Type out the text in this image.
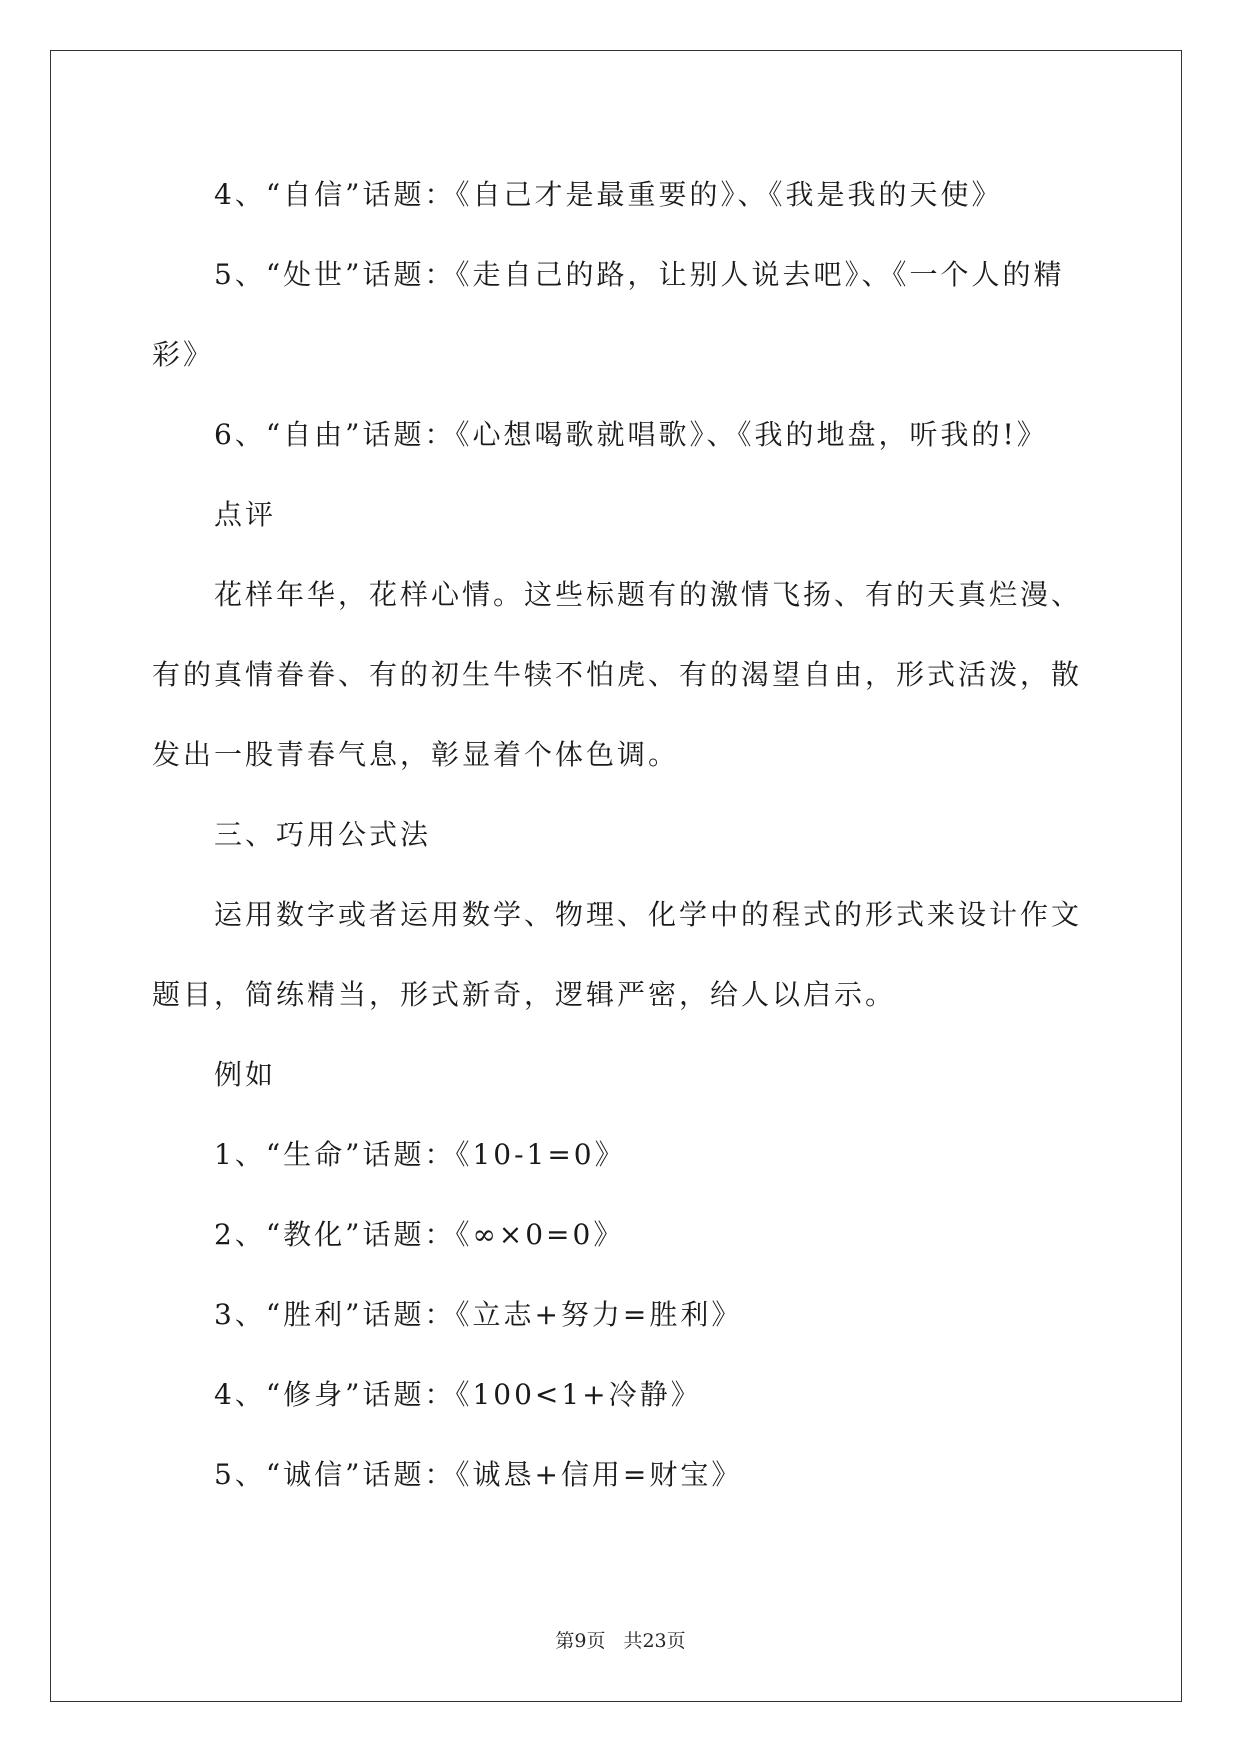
4、“自信”话题：《自己才是最重要的》、《我是我的天使》

5、“处世”话题：《走自己的路，让别人说去吧》、《一个人的精彩》

6、“自由”话题：《心想喝歌就唱歌》、《我的地盘，听我的!》

点评

花样年华，花样心情。这些标题有的激情飞扬、有的天真烂漫、有的真情眷眷、有的初生牛犊不怕虎、有的渴望自由，形式活泼，散发出一股青春气息，彰显着个体色调。

三、巧用公式法

运用数字或者运用数学、物理、化学中的程式的形式来设计作文题目，简练精当，形式新奇，逻辑严密，给人以启示。

例如

1、“生命”话题：《10-1=0》

2、“教化”话题：《∞×0=0》

3、“胜利”话题：《立志+努力=胜利》

4、“修身”话题：《100<1+冷静》

5、“诚信”话题：《诚恳+信用=财宝》

第9页 共23页
